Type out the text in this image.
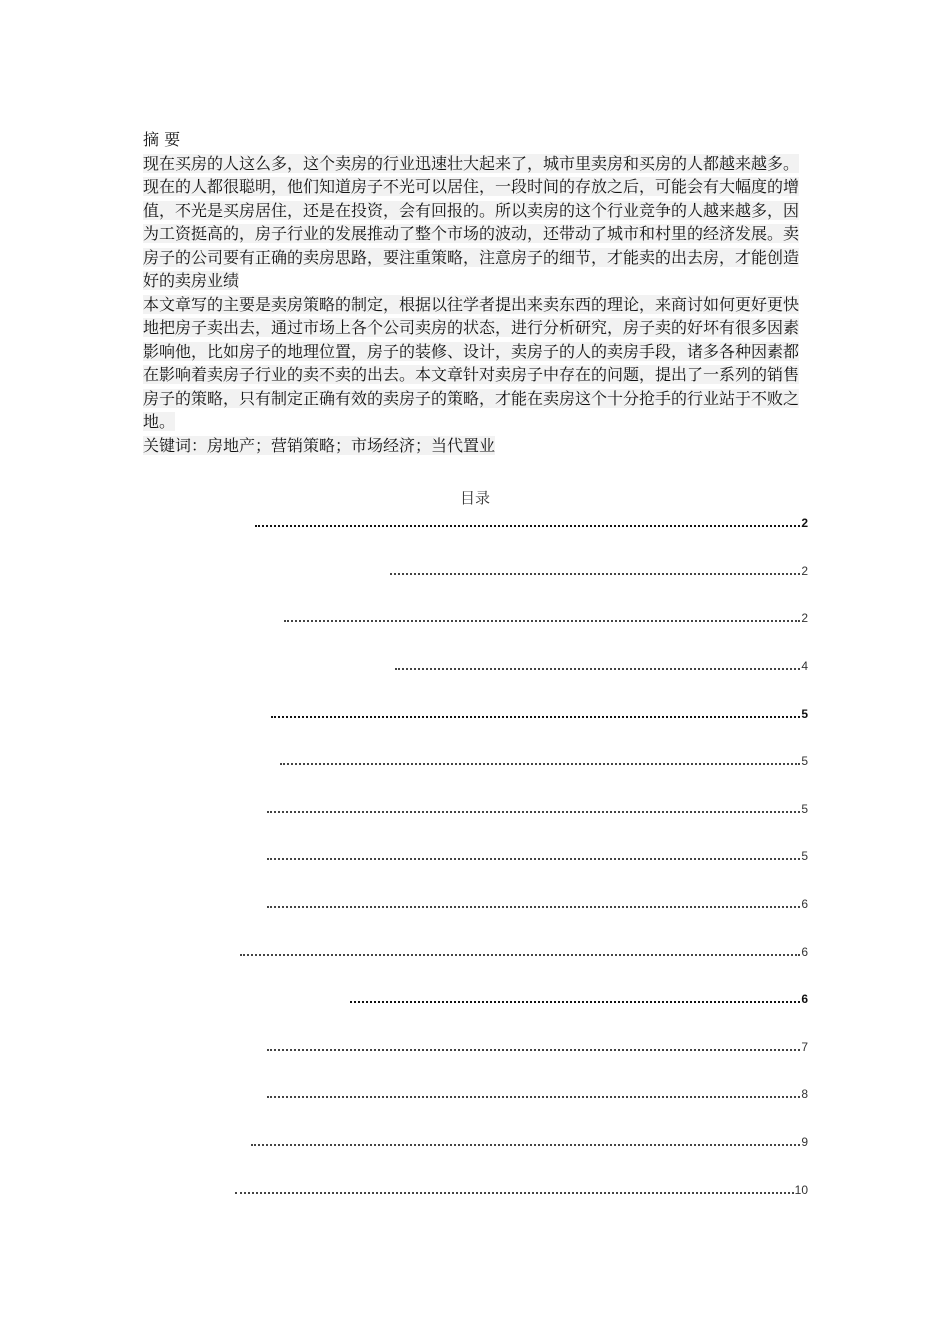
摘 要
现在买房的人这么多，这个卖房的行业迅速壮大起来了，城市里卖房和买房的人都越来越多。现在的人都很聪明，他们知道房子不光可以居住，一段时间的存放之后，可能会有大幅度的增值，不光是买房居住，还是在投资，会有回报的。所以卖房的这个行业竞争的人越来越多，因为工资挺高的，房子行业的发展推动了整个市场的波动，还带动了城市和村里的经济发展。卖房子的公司要有正确的卖房思路，要注重策略，注意房子的细节，才能卖的出去房，才能创造好的卖房业绩
本文章写的主要是卖房策略的制定，根据以往学者提出来卖东西的理论，来商讨如何更好更快地把房子卖出去，通过市场上各个公司卖房的状态，进行分析研究，房子卖的好坏有很多因素影响他，比如房子的地理位置，房子的装修、设计，卖房子的人的卖房手段，诸多各种因素都在影响着卖房子行业的卖不卖的出去。本文章针对卖房子中存在的问题，提出了一系列的销售房子的策略，只有制定正确有效的卖房子的策略，才能在卖房这个十分抢手的行业站于不败之地。
关键词：房地产；营销策略；市场经济；当代置业
目录
2
2
2
4
5
5
5
5
6
6
6
7
8
9
10
